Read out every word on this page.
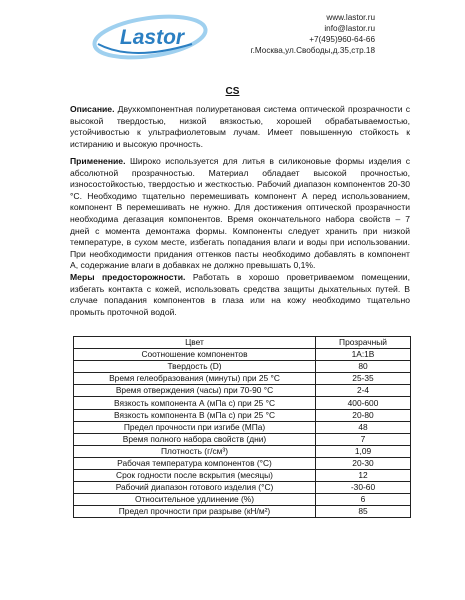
Lastor
www.lastor.ru
info@lastor.ru
+7(495)960-64-66
г.Москва,ул.Свободы,д.35,стр.18
CS
Описание. Двухкомпонентная полиуретановая система оптической прозрачности с высокой твердостью, низкой вязкостью, хорошей обрабатываемостью, устойчивостью к ультрафиолетовым лучам. Имеет повышенную стойкость к истиранию и высокую прочность.
Применение. Широко используется для литья в силиконовые формы изделия с абсолютной прозрачностью. Материал обладает высокой прочностью, износостойкостью, твердостью и жесткостью. Рабочий диапазон компонентов 20-30 °С. Необходимо тщательно перемешивать компонент А перед использованием, компонент В перемешивать не нужно. Для достижения оптической прозрачности необходима дегазация компонентов. Время окончательного набора свойств – 7 дней с момента демонтажа формы. Компоненты следует хранить при низкой температуре, в сухом месте, избегать попадания влаги и воды при использовании. При необходимости придания оттенков пасты необходимо добавлять в компонент А, содержание влаги в добавках не должно превышать 0,1%.
Меры предосторожности. Работать в хорошо проветриваемом помещении, избегать контакта с кожей, использовать средства защиты дыхательных путей. В случае попадания компонентов в глаза или на кожу необходимо тщательно промыть проточной водой.
Цвет	Прозрачный
Соотношение компонентов	1A:1B
Твердость (D)	80
Время гелеобразования (минуты) при 25 °С	25-35
Время отверждения (часы) при 70-90 °С	2-4
Вязкость компонента А (мПа с) при 25 °С	400-600
Вязкость компонента В (мПа с) при 25 °С	20-80
Предел прочности при изгибе (МПа)	48
Время полного набора свойств (дни)	7
Плотность (г/см³)	1,09
Рабочая температура компонентов (°С)	20-30
Срок годности после вскрытия (месяцы)	12
Рабочий диапазон готового изделия (°С)	-30-60
Относительное удлинение (%)	6
Предел прочности при разрыве (кН/м²)	85
